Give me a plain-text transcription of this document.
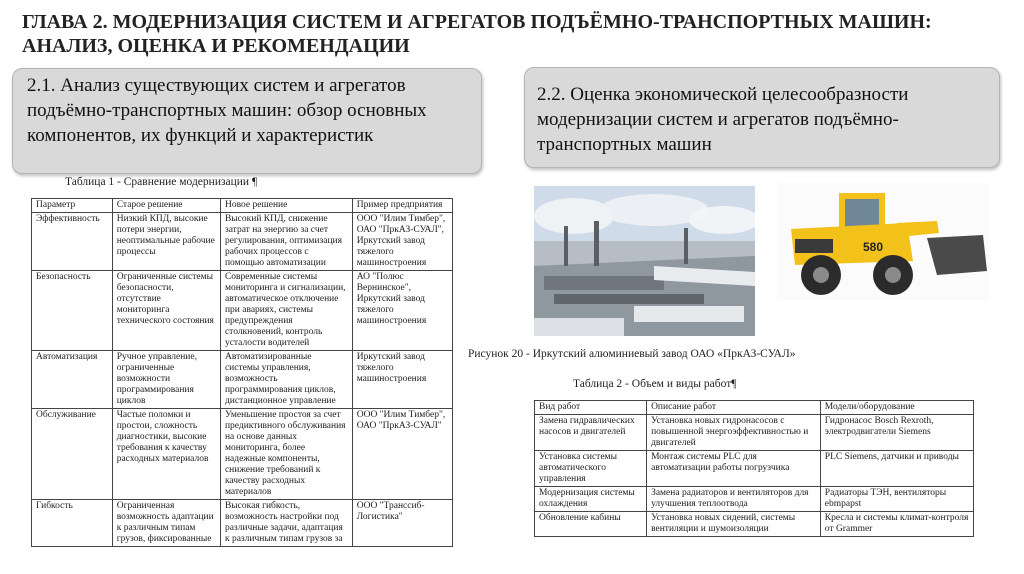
ГЛАВА 2. МОДЕРНИЗАЦИЯ СИСТЕМ И АГРЕГАТОВ ПОДЪЁМНО-ТРАНСПОРТНЫХ МАШИН: АНАЛИЗ, ОЦЕНКА И РЕКОМЕНДАЦИИ
2.1. Анализ существующих систем и агрегатов подъёмно-транспортных машин: обзор основных компонентов, их функций и характеристик
2.2. Оценка экономической целесообразности модернизации систем и агрегатов подъёмно-транспортных машин
Таблица 1 - Сравнение модернизации ¶
Параметр	Старое решение	Новое решение	Пример предприятия
Эффективность	Низкий КПД, высокие потери энергии, неоптимальные рабочие процессы	Высокий КПД, снижение затрат на энергию за счет регулирования, оптимизация рабочих процессов с помощью автоматизации	ООО "Илим Тимбер", ОАО "ПркАЗ-СУАЛ", Иркутский завод тяжелого машиностроения
Безопасность	Ограниченные системы безопасности, отсутствие мониторинга технического состояния	Современные системы мониторинга и сигнализации, автоматическое отключение при авариях, системы предупреждения столкновений, контроль усталости водителей	АО "Полюс Вернинское", Иркутский завод тяжелого машиностроения
Автоматизация	Ручное управление, ограниченные возможности программирования циклов	Автоматизированные системы управления, возможность программирования циклов, дистанционное управление	Иркутский завод тяжелого машиностроения
Обслуживание	Частые поломки и простои, сложность диагностики, высокие требования к качеству расходных материалов	Уменьшение простоя за счет предиктивного обслуживания на основе данных мониторинга, более надежные компоненты, снижение требований к качеству расходных материалов	ООО "Илим Тимбер", ОАО "ПркАЗ-СУАЛ"
Гибкость	Ограниченная возможность адаптации к различным типам грузов, фиксированные	Высокая гибкость, возможность настройки под различные задачи, адаптация к различным типам грузов за	ООО "Транссиб-Логистика"
580
Рисунок 20 - Иркутский алюминиевый завод ОАО «ПркАЗ-СУАЛ»
Таблица 2 - Объем и виды работ¶
Вид работ	Описание работ	Модели/оборудование
Замена гидравлических насосов и двигателей	Установка новых гидронасосов с повышенной энергоэффективностью и двигателей	Гидронасос Bosch Rexroth, электродвигатели Siemens
Установка системы автоматического управления	Монтаж системы PLC для автоматизации работы погрузчика	PLC Siemens, датчики и приводы
Модернизация системы охлаждения	Замена радиаторов и вентиляторов для улучшения теплоотвода	Радиаторы ТЭН, вентиляторы ebmpapst
Обновление кабины	Установка новых сидений, системы вентиляции и шумоизоляции	Кресла и системы климат-контроля от Grammer
